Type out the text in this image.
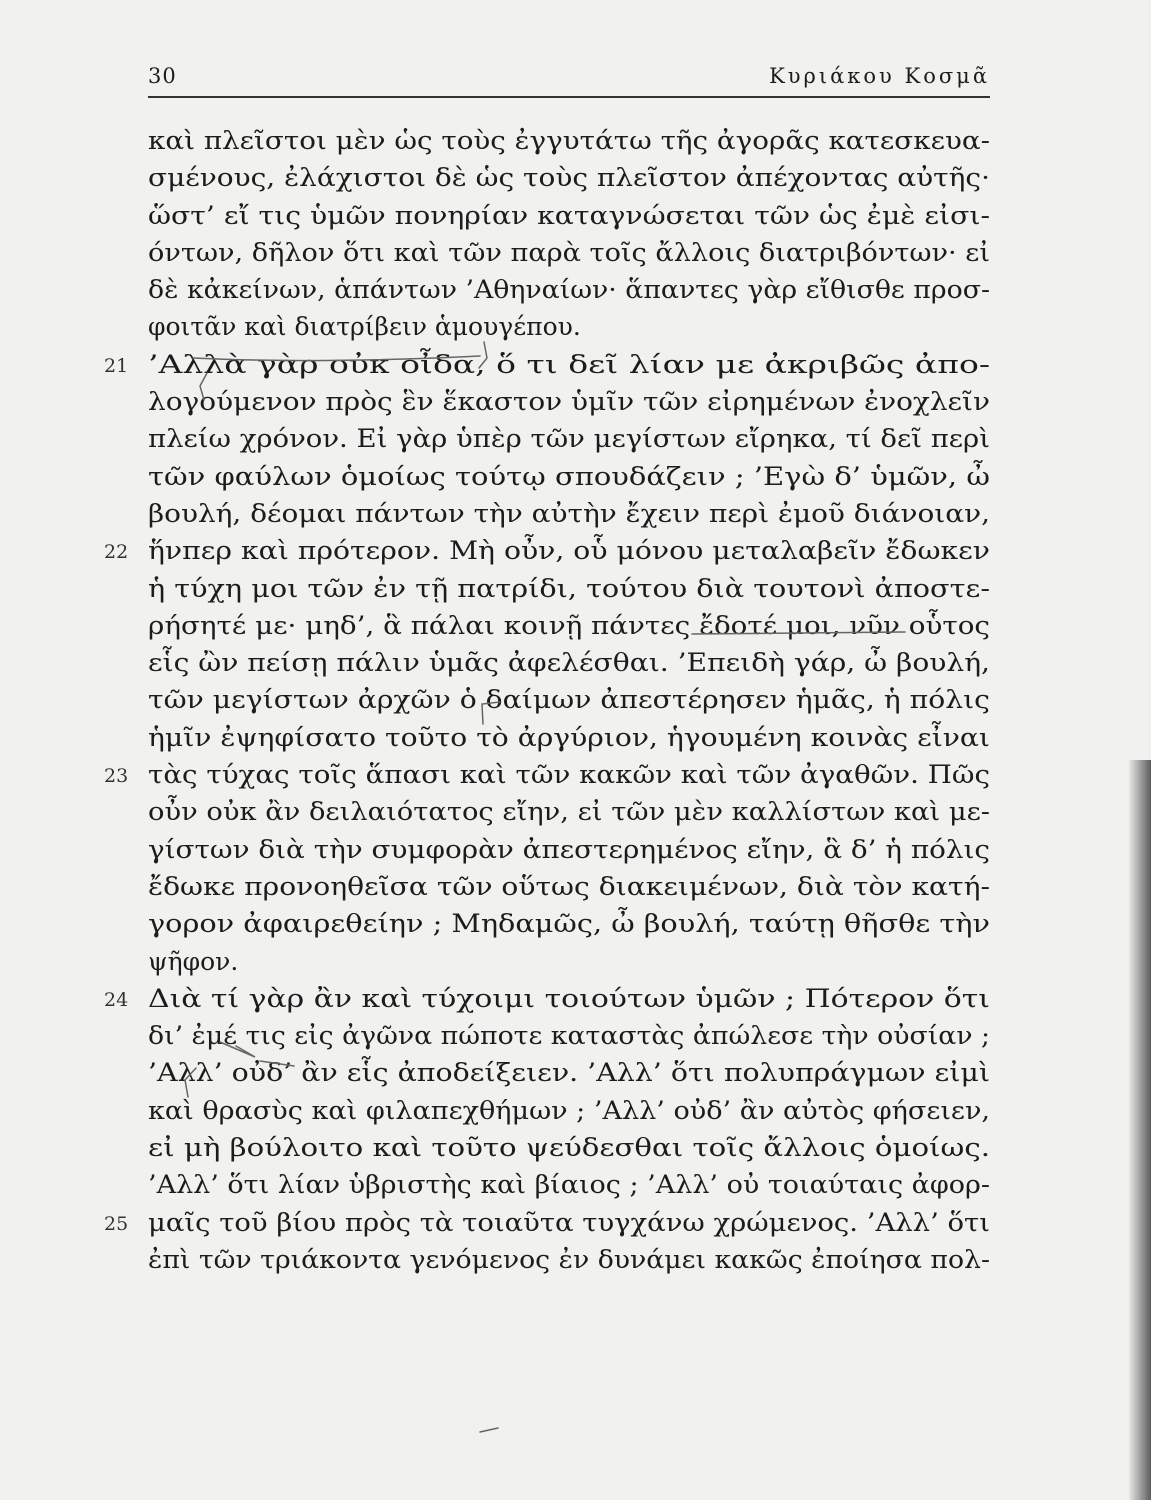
30	Κυριάκου Κοσμᾶ
καὶ πλεῖστοι μὲν ὡς τοὺς ἐγγυτάτω τῆς ἀγορᾶς κατεσκευα-
σμένους, ἐλάχιστοι δὲ ὡς τοὺς πλεῖστον ἀπέχοντας αὐτῆς·
ὥστ’ εἴ τις ὑμῶν πονηρίαν καταγνώσεται τῶν ὡς ἐμὲ εἰσι-
όντων, δῆλον ὅτι καὶ τῶν παρὰ τοῖς ἄλλοις διατριβόντων· εἰ
δὲ κἀκείνων, ἁπάντων ’Αθηναίων· ἅπαντες γὰρ εἴθισθε προσ-
φοιτᾶν καὶ διατρίβειν ἁμουγέπου.
21 ’Αλλὰ γὰρ οὐκ οἶδα, ὅ τι δεῖ λίαν με ἀκριβῶς ἀπο-
λογούμενον πρὸς ἓν ἕκαστον ὑμῖν τῶν εἰρημένων ἐνοχλεῖν
πλείω χρόνον. Εἰ γὰρ ὑπὲρ τῶν μεγίστων εἴρηκα, τί δεῖ περὶ
τῶν φαύλων ὁμοίως τούτῳ σπουδάζειν ; ’Εγὼ δ’ ὑμῶν, ὦ
βουλή, δέομαι πάντων τὴν αὐτὴν ἔχειν περὶ ἐμοῦ διάνοιαν,
22 ἥνπερ καὶ πρότερον. Μὴ οὖν, οὗ μόνου μεταλαβεῖν ἔδωκεν
ἡ τύχη μοι τῶν ἐν τῇ πατρίδι, τούτου διὰ τουτονὶ ἀποστε-
ρήσητέ με· μηδ’, ἃ πάλαι κοινῇ πάντες ἔδοτέ μοι, νῦν οὗτος
εἷς ὢν πείσῃ πάλιν ὑμᾶς ἀφελέσθαι. ’Επειδὴ γάρ, ὦ βουλή,
τῶν μεγίστων ἀρχῶν ὁ δαίμων ἀπεστέρησεν ἡμᾶς, ἡ πόλις
ἡμῖν ἐψηφίσατο τοῦτο τὸ ἀργύριον, ἡγουμένη κοινὰς εἶναι
23 τὰς τύχας τοῖς ἅπασι καὶ τῶν κακῶν καὶ τῶν ἀγαθῶν. Πῶς
οὖν οὐκ ἂν δειλαιότατος εἴην, εἰ τῶν μὲν καλλίστων καὶ με-
γίστων διὰ τὴν συμφορὰν ἀπεστερημένος εἴην, ἃ δ’ ἡ πόλις
ἔδωκε προνοηθεῖσα τῶν οὕτως διακειμένων, διὰ τὸν κατή-
γορον ἀφαιρεθείην ; Μηδαμῶς, ὦ βουλή, ταύτῃ θῆσθε τὴν
ψῆφον.
24 Διὰ τί γὰρ ἂν καὶ τύχοιμι τοιούτων ὑμῶν ; Πότερον ὅτι
δι’ ἐμέ τις εἰς ἀγῶνα πώποτε καταστὰς ἀπώλεσε τὴν οὐσίαν ;
’Αλλ’ οὐδ’ ἂν εἷς ἀποδείξειεν. ’Αλλ’ ὅτι πολυπράγμων εἰμὶ
καὶ θρασὺς καὶ φιλαπεχθήμων ; ’Αλλ’ οὐδ’ ἂν αὐτὸς φήσειεν,
εἰ μὴ βούλοιτο καὶ τοῦτο ψεύδεσθαι τοῖς ἄλλοις ὁμοίως.
’Αλλ’ ὅτι λίαν ὑβριστὴς καὶ βίαιος ; ’Αλλ’ οὐ τοιαύταις ἀφορ-
25 μαῖς τοῦ βίου πρὸς τὰ τοιαῦτα τυγχάνω χρώμενος. ’Αλλ’ ὅτι
ἐπὶ τῶν τριάκοντα γενόμενος ἐν δυνάμει κακῶς ἐποίησα πολ-
